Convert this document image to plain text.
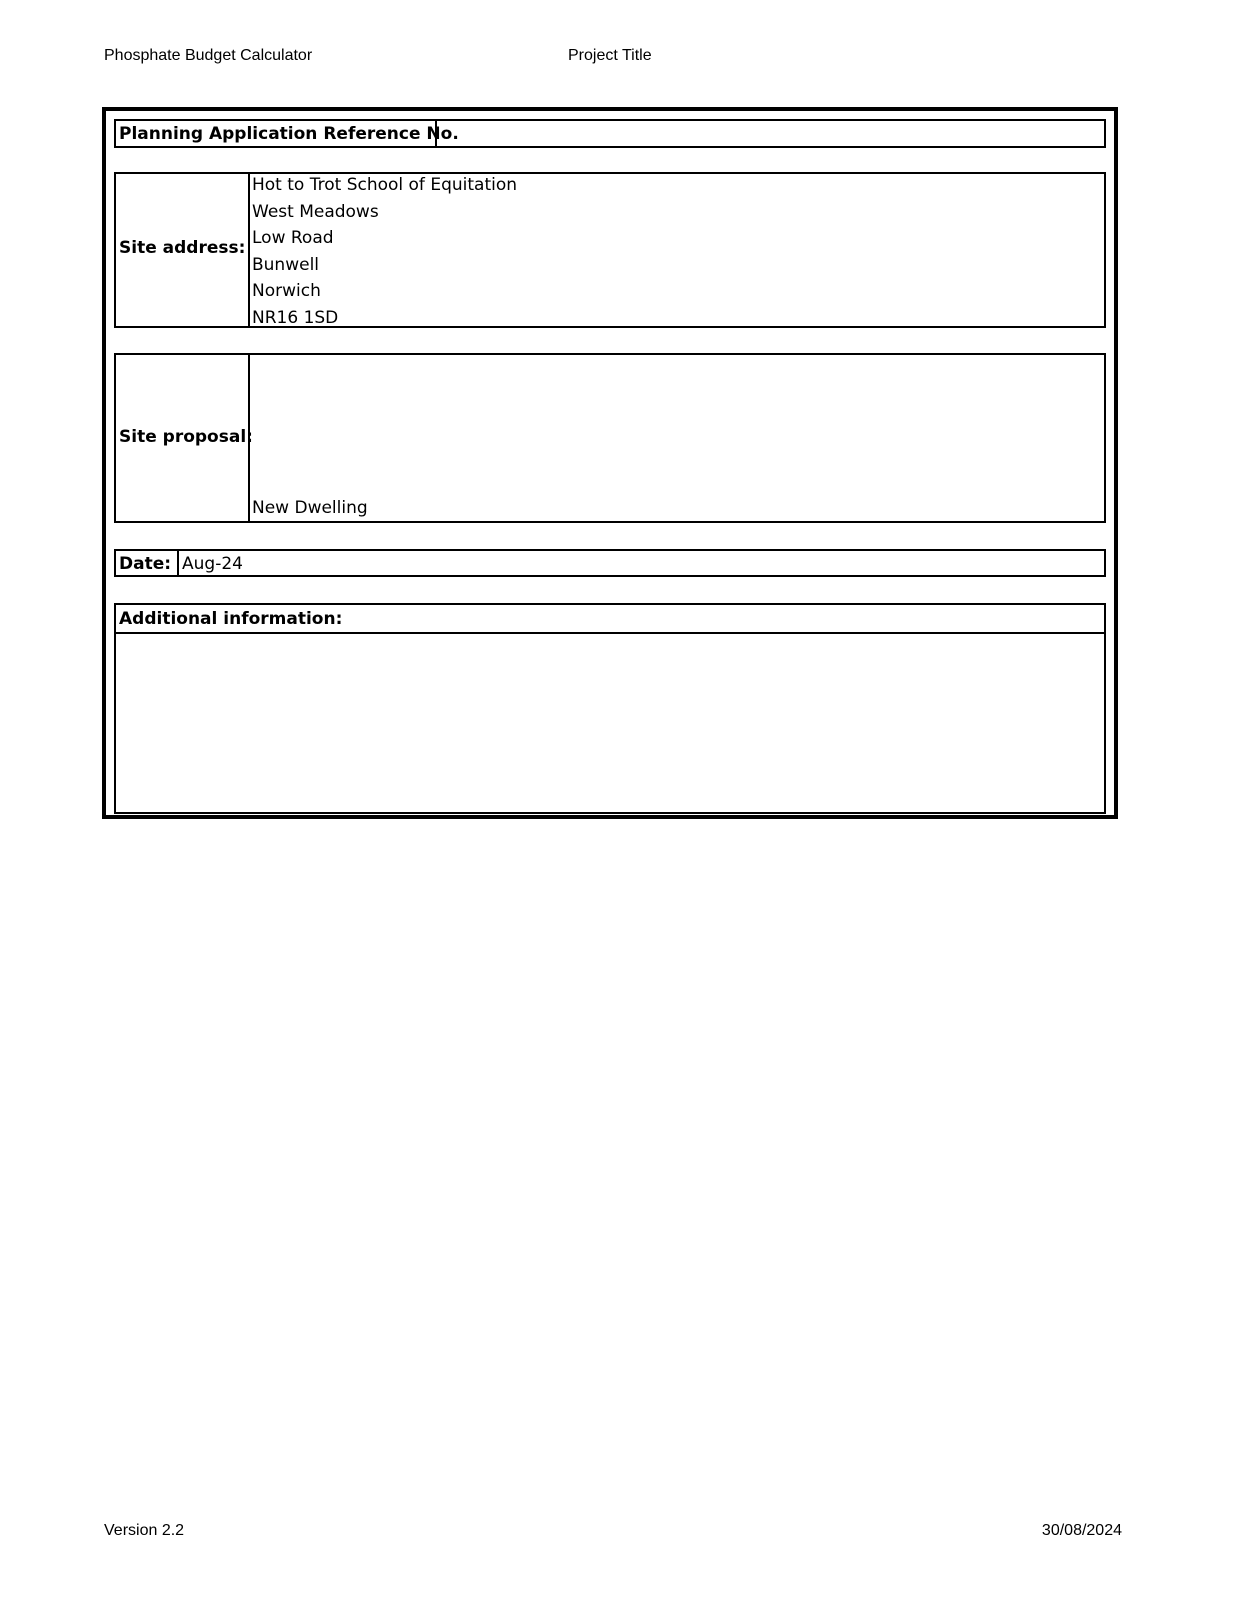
Phosphate Budget Calculator	Project Title
Planning Application Reference No.
Site address:
Hot to Trot School of Equitation
West Meadows
Low Road
Bunwell
Norwich
NR16 1SD
Site proposal:
New Dwelling
Date: Aug-24
Additional information:
Version 2.2	30/08/2024
